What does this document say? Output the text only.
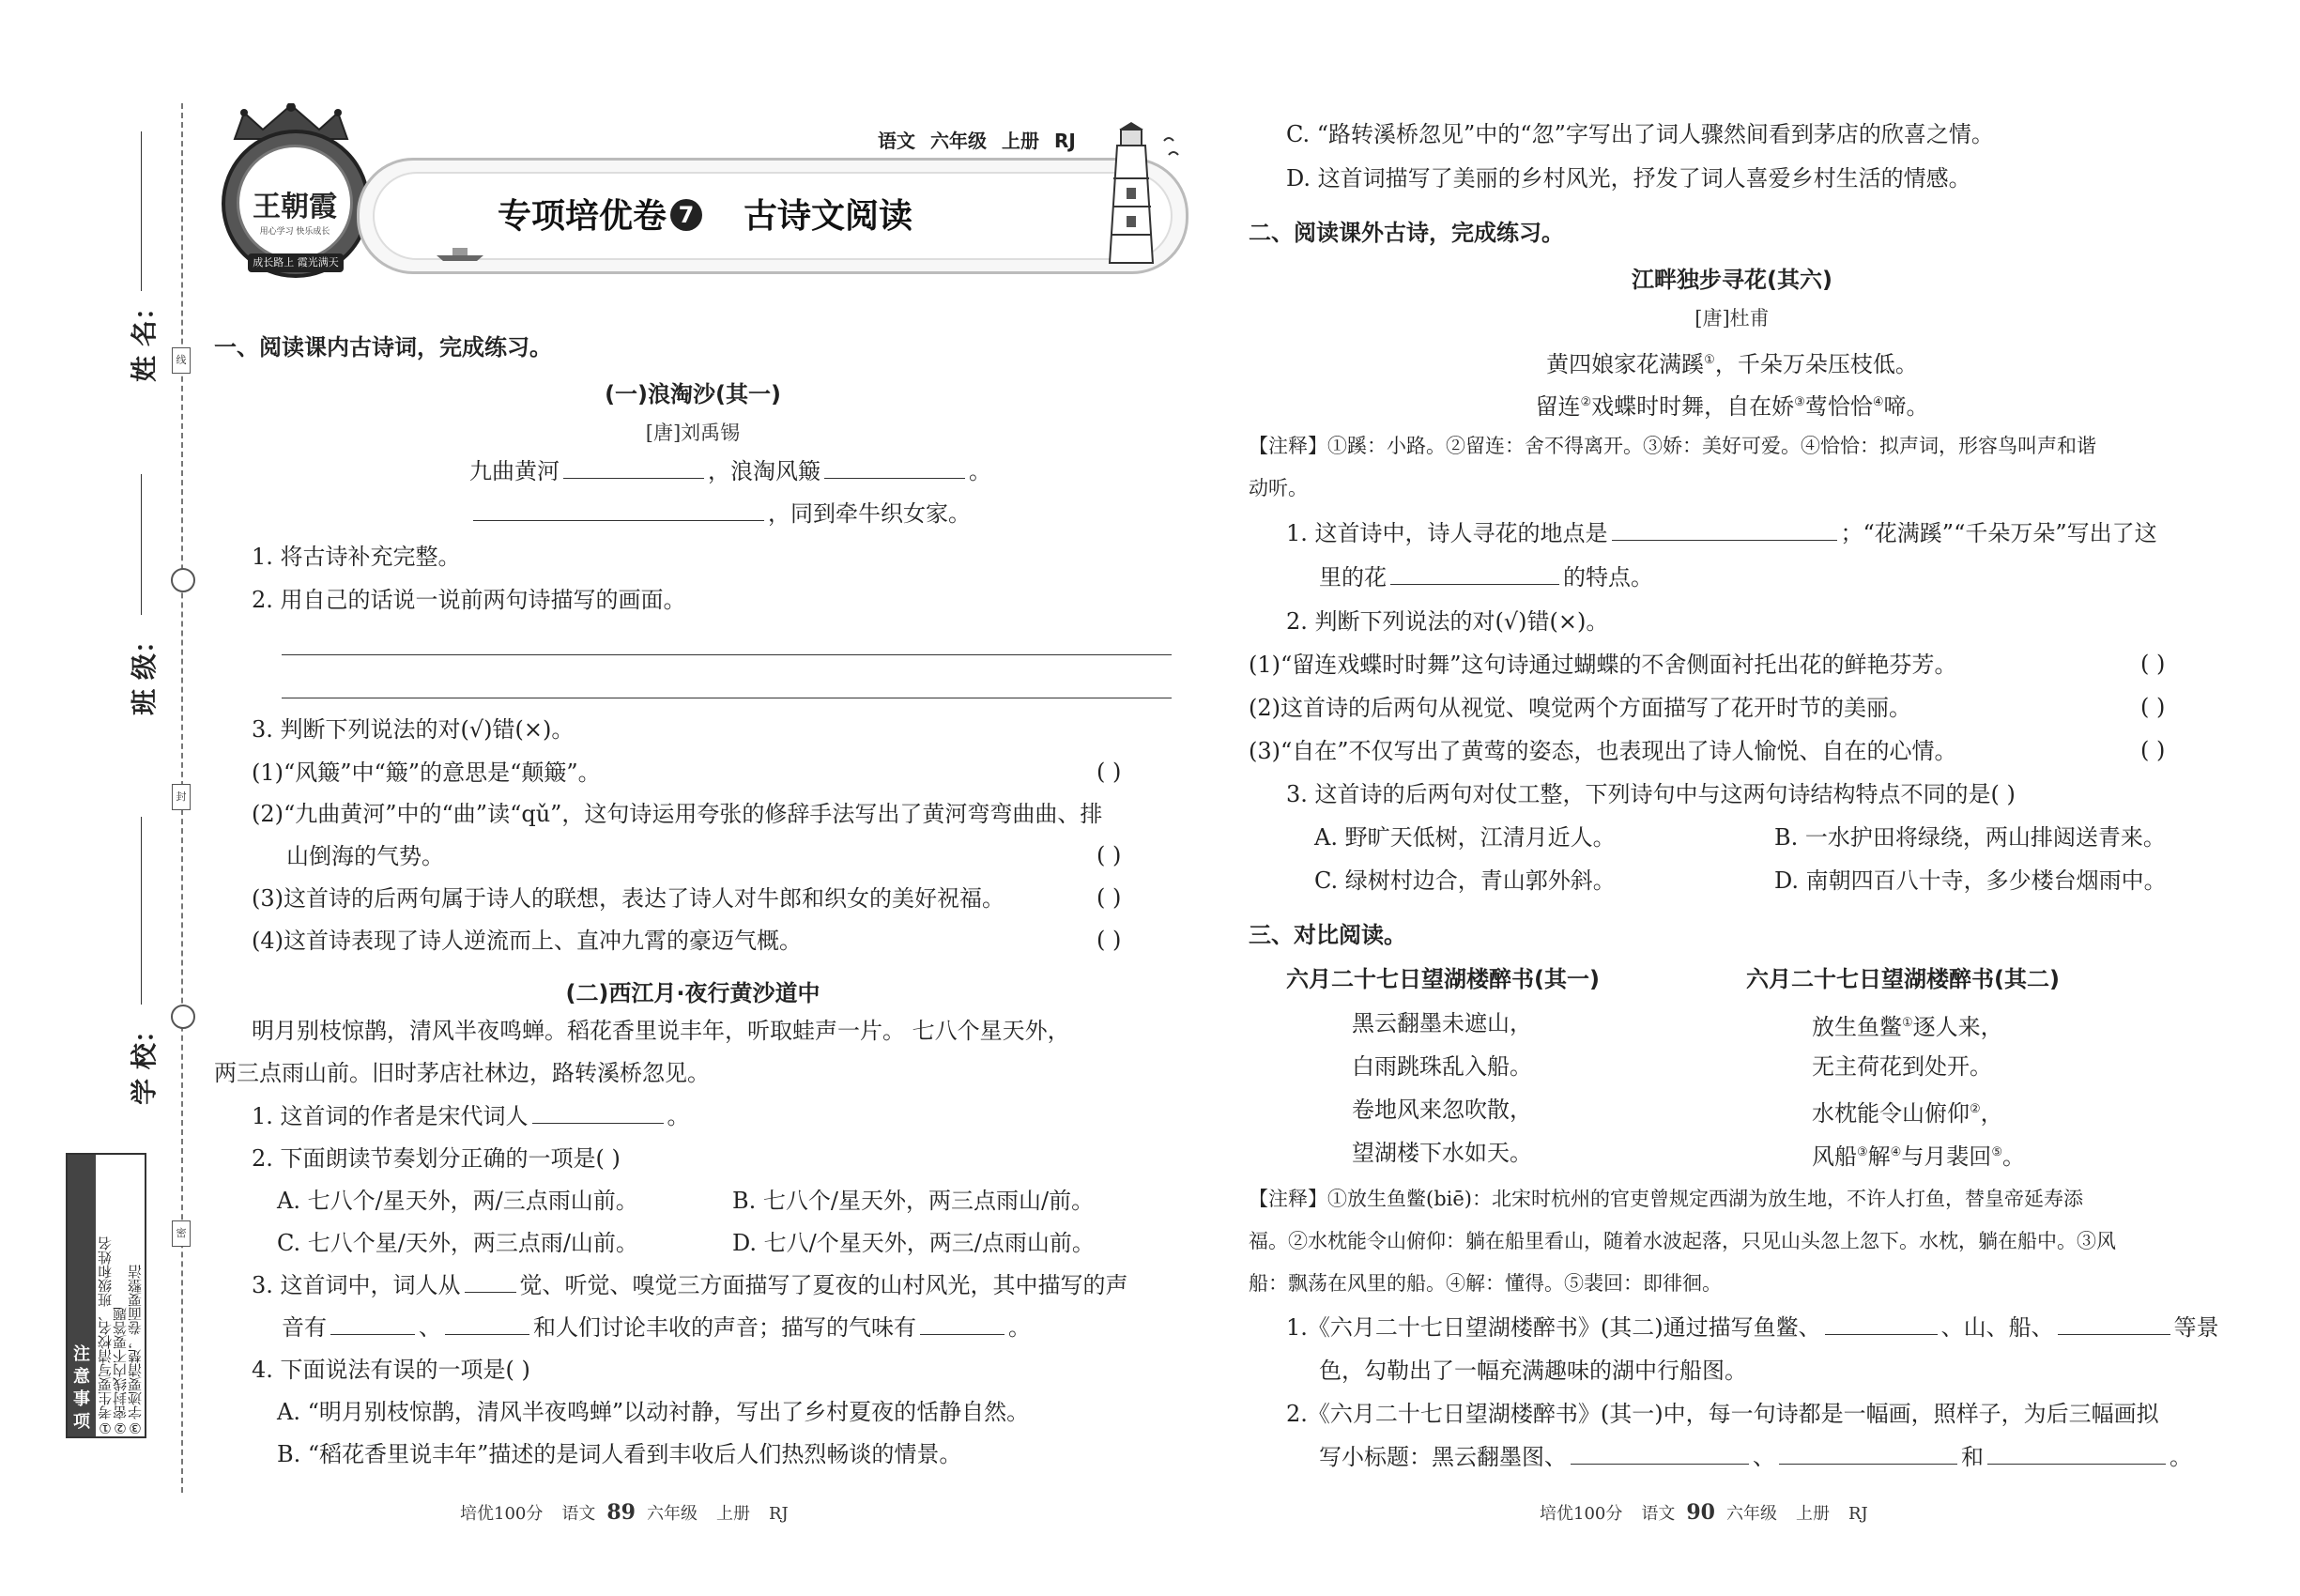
姓 名：
班 级：
学 校：
线
封
密
注
意
事
项 ①考生要写清校名、班级和姓名
②密封线内不要答题
③字迹要清楚，卷面要整洁
王朝霞
用心学习 快乐成长
成长路上 霞光满天
语文 六年级 上册 RJ
专项培优卷 7 古诗文阅读
一、阅读课内古诗词，完成练习。
(一)浪淘沙(其一)
[唐]刘禹锡
九曲黄河	，浪淘风簸	。
，同到牵牛织女家。
1. 将古诗补充完整。
2. 用自己的话说一说前两句诗描写的画面。
3. 判断下列说法的对(√)错(×)。
(1)“风簸”中“簸”的意思是“颠簸”。	( )
(2)“九曲黄河”中的“曲”读“qǔ”，这句诗运用夸张的修辞手法写出了黄河弯弯曲曲、排
山倒海的气势。	( )
(3)这首诗的后两句属于诗人的联想，表达了诗人对牛郎和织女的美好祝福。	( )
(4)这首诗表现了诗人逆流而上、直冲九霄的豪迈气概。	( )
(二)西江月·夜行黄沙道中
明月别枝惊鹊，清风半夜鸣蝉。稻花香里说丰年，听取蛙声一片。 七八个星天外，
两三点雨山前。旧时茅店社林边，路转溪桥忽见。
1. 这首词的作者是宋代词人	。
2. 下面朗读节奏划分正确的一项是( )
A. 七八个/星天外，两/三点雨山前。	B. 七八个/星天外，两三点雨山/前。
C. 七八个星/天外，两三点雨/山前。	D. 七八/个星天外，两三/点雨山前。
3. 这首词中，词人从	觉、听觉、嗅觉三方面描写了夏夜的山村风光，其中描写的声
音有	、	和人们讨论丰收的声音；描写的气味有	。
4. 下面说法有误的一项是( )
A. “明月别枝惊鹊，清风半夜鸣蝉”以动衬静，写出了乡村夏夜的恬静自然。
B. “稻花香里说丰年”描述的是词人看到丰收后人们热烈畅谈的情景。
培优100分 语文 89 六年级 上册 RJ
C. “路转溪桥忽见”中的“忽”字写出了词人骤然间看到茅店的欣喜之情。
D. 这首词描写了美丽的乡村风光，抒发了词人喜爱乡村生活的情感。
二、阅读课外古诗，完成练习。
江畔独步寻花(其六)
[唐]杜甫
黄四娘家花满蹊①，千朵万朵压枝低。
留连②戏蝶时时舞，自在娇③莺恰恰④啼。
【注释】①蹊：小路。②留连：舍不得离开。③娇：美好可爱。④恰恰：拟声词，形容鸟叫声和谐
动听。
1. 这首诗中，诗人寻花的地点是	；“花满蹊”“千朵万朵”写出了这
里的花	的特点。
2. 判断下列说法的对(√)错(×)。
(1)“留连戏蝶时时舞”这句诗通过蝴蝶的不舍侧面衬托出花的鲜艳芬芳。	( )
(2)这首诗的后两句从视觉、嗅觉两个方面描写了花开时节的美丽。	( )
(3)“自在”不仅写出了黄莺的姿态，也表现出了诗人愉悦、自在的心情。	( )
3. 这首诗的后两句对仗工整，下列诗句中与这两句诗结构特点不同的是( )
A. 野旷天低树，江清月近人。	B. 一水护田将绿绕，两山排闼送青来。
C. 绿树村边合，青山郭外斜。	D. 南朝四百八十寺，多少楼台烟雨中。
三、对比阅读。
六月二十七日望湖楼醉书(其一)	六月二十七日望湖楼醉书(其二)
黑云翻墨未遮山，
白雨跳珠乱入船。
卷地风来忽吹散，
望湖楼下水如天。
放生鱼鳖①逐人来，
无主荷花到处开。
水枕能令山俯仰②，
风船③解④与月裴回⑤。
【注释】①放生鱼鳖(biē)：北宋时杭州的官吏曾规定西湖为放生地，不许人打鱼，替皇帝延寿添
福。②水枕能令山俯仰：躺在船里看山，随着水波起落，只见山头忽上忽下。水枕，躺在船中。③风
船：飘荡在风里的船。④解：懂得。⑤裴回：即徘徊。
1.《六月二十七日望湖楼醉书》(其二)通过描写鱼鳖、	、山、船、	等景
色，勾勒出了一幅充满趣味的湖中行船图。
2.《六月二十七日望湖楼醉书》(其一)中，每一句诗都是一幅画，照样子，为后三幅画拟
写小标题：黑云翻墨图、	、	和	。
培优100分 语文 90 六年级 上册 RJ
